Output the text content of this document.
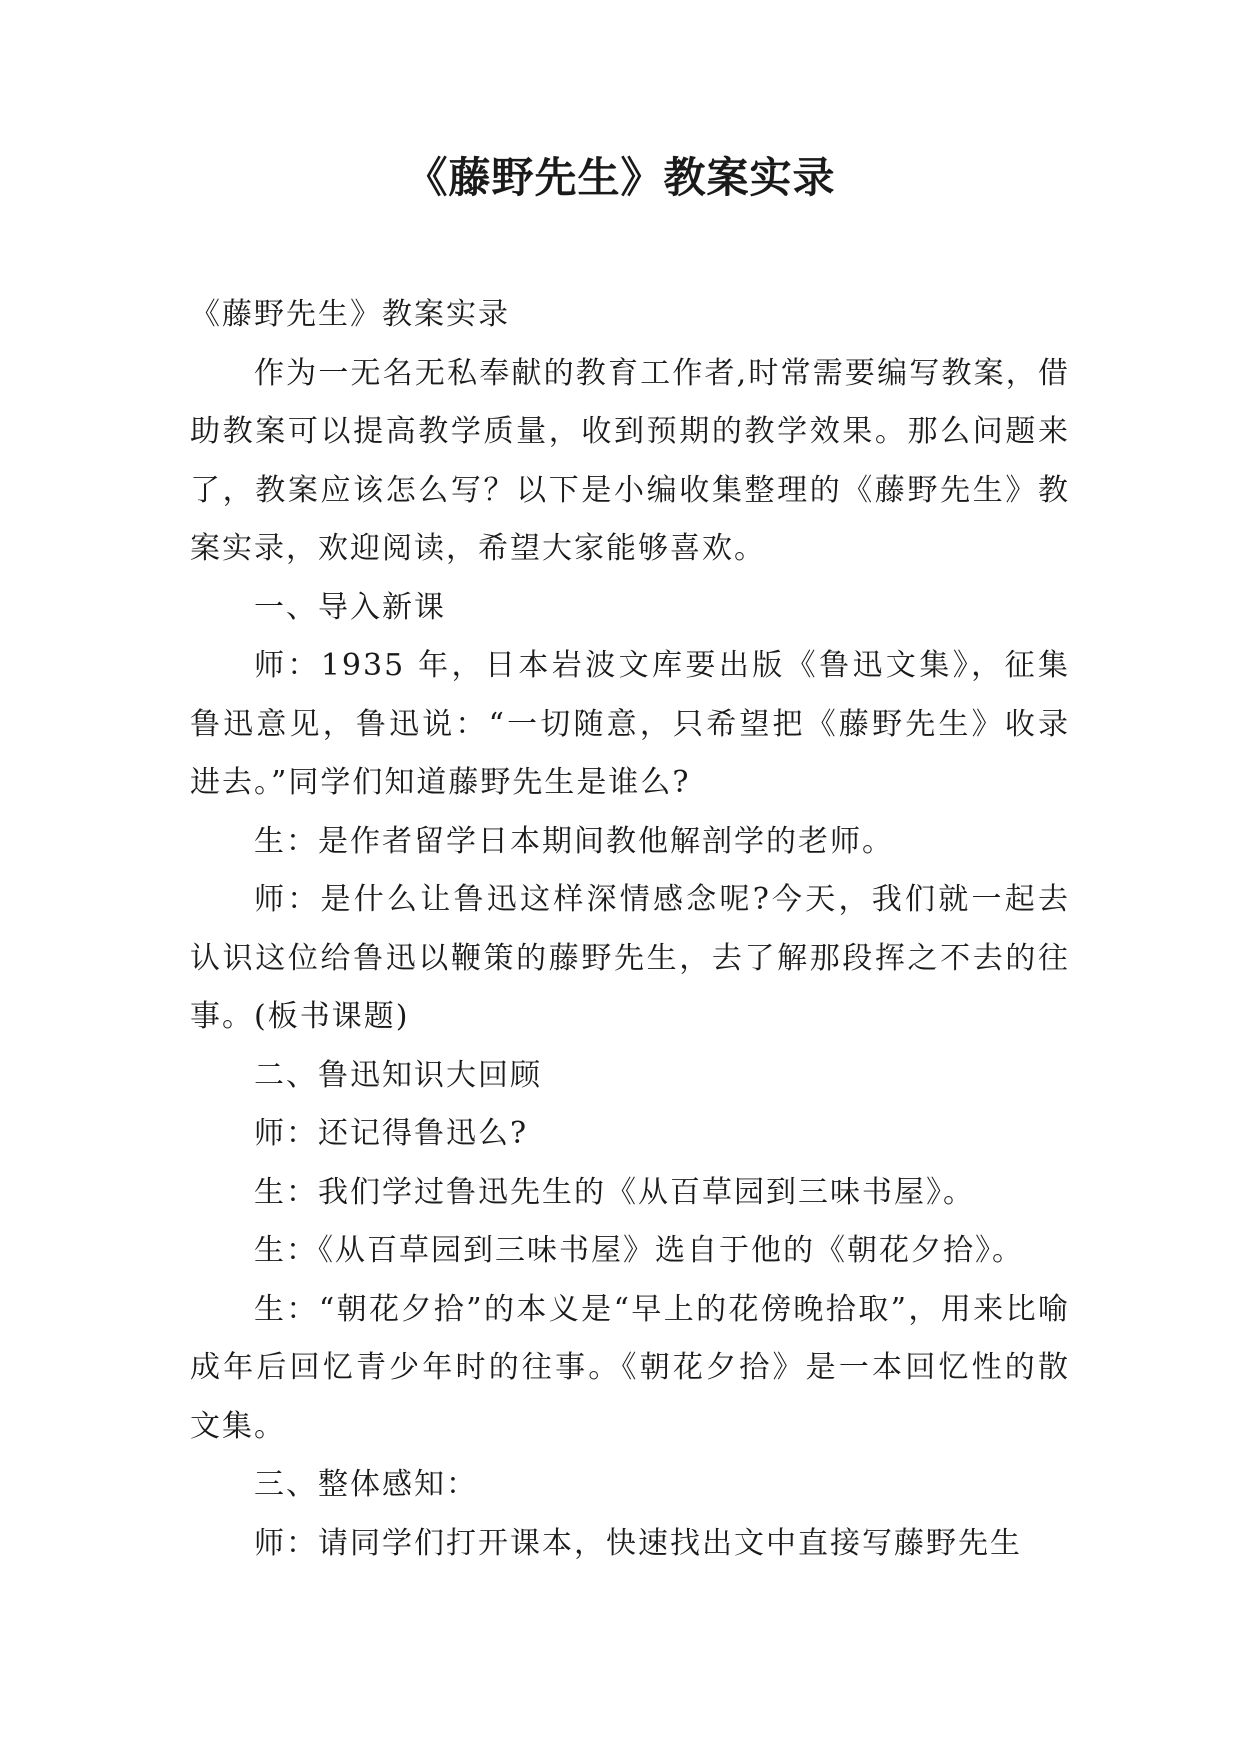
《藤野先生》教案实录

《藤野先生》教案实录

作为一无名无私奉献的教育工作者,时常需要编写教案，借助教案可以提高教学质量，收到预期的教学效果。那么问题来了，教案应该怎么写？以下是小编收集整理的《藤野先生》教案实录，欢迎阅读，希望大家能够喜欢。

一、导入新课

师：1935 年，日本岩波文库要出版《鲁迅文集》，征集鲁迅意见，鲁迅说：“一切随意，只希望把《藤野先生》收录进去。”同学们知道藤野先生是谁么?

生：是作者留学日本期间教他解剖学的老师。

师：是什么让鲁迅这样深情感念呢?今天，我们就一起去认识这位给鲁迅以鞭策的藤野先生，去了解那段挥之不去的往事。(板书课题)

二、鲁迅知识大回顾

师：还记得鲁迅么?

生：我们学过鲁迅先生的《从百草园到三味书屋》。

生：《从百草园到三味书屋》选自于他的《朝花夕拾》。

生：“朝花夕拾”的本义是“早上的花傍晚拾取”，用来比喻成年后回忆青少年时的往事。《朝花夕拾》是一本回忆性的散文集。

三、整体感知：

师：请同学们打开课本，快速找出文中直接写藤野先生
